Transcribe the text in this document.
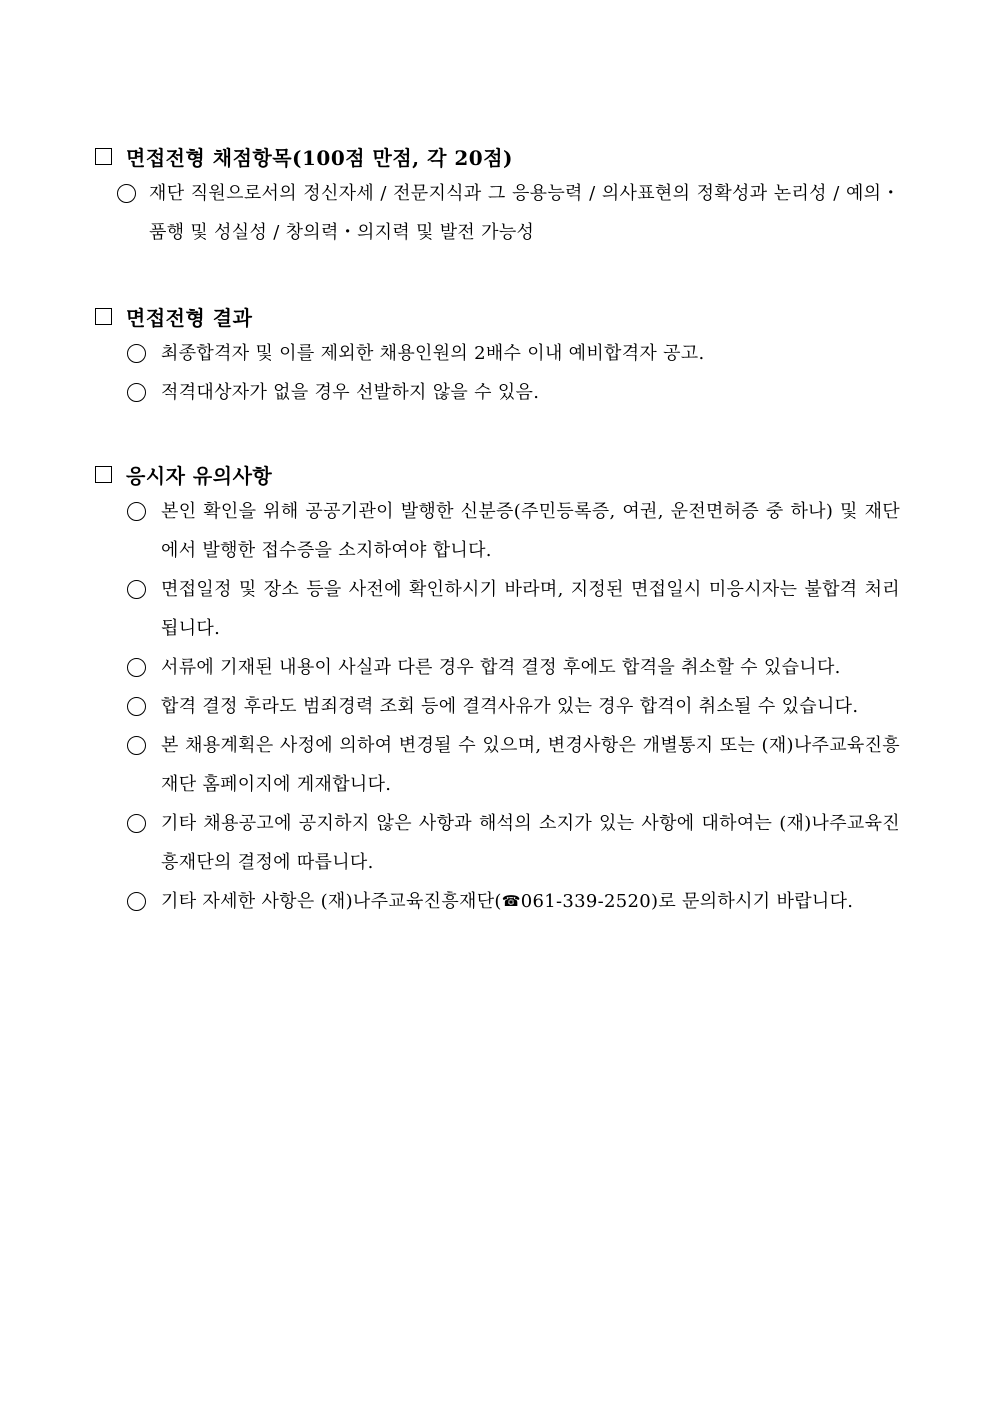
면접전형 채점항목(100점 만점, 각 20점)
재단 직원으로서의 정신자세 / 전문지식과 그 응용능력 / 의사표현의 정확성과 논리성 / 예의・품행 및 성실성 / 창의력・의지력 및 발전 가능성
면접전형 결과
최종합격자 및 이를 제외한 채용인원의 2배수 이내 예비합격자 공고.
적격대상자가 없을 경우 선발하지 않을 수 있음.
응시자 유의사항
본인 확인을 위해 공공기관이 발행한 신분증(주민등록증, 여권, 운전면허증 중 하나) 및 재단에서 발행한 접수증을 소지하여야 합니다.
면접일정 및 장소 등을 사전에 확인하시기 바라며, 지정된 면접일시 미응시자는 불합격 처리됩니다.
서류에 기재된 내용이 사실과 다른 경우 합격 결정 후에도 합격을 취소할 수 있습니다.
합격 결정 후라도 범죄경력 조회 등에 결격사유가 있는 경우 합격이 취소될 수 있습니다.
본 채용계획은 사정에 의하여 변경될 수 있으며, 변경사항은 개별통지 또는 (재)나주교육진흥재단 홈페이지에 게재합니다.
기타 채용공고에 공지하지 않은 사항과 해석의 소지가 있는 사항에 대하여는 (재)나주교육진흥재단의 결정에 따릅니다.
기타 자세한 사항은 (재)나주교육진흥재단(☎061-339-2520)로 문의하시기 바랍니다.
